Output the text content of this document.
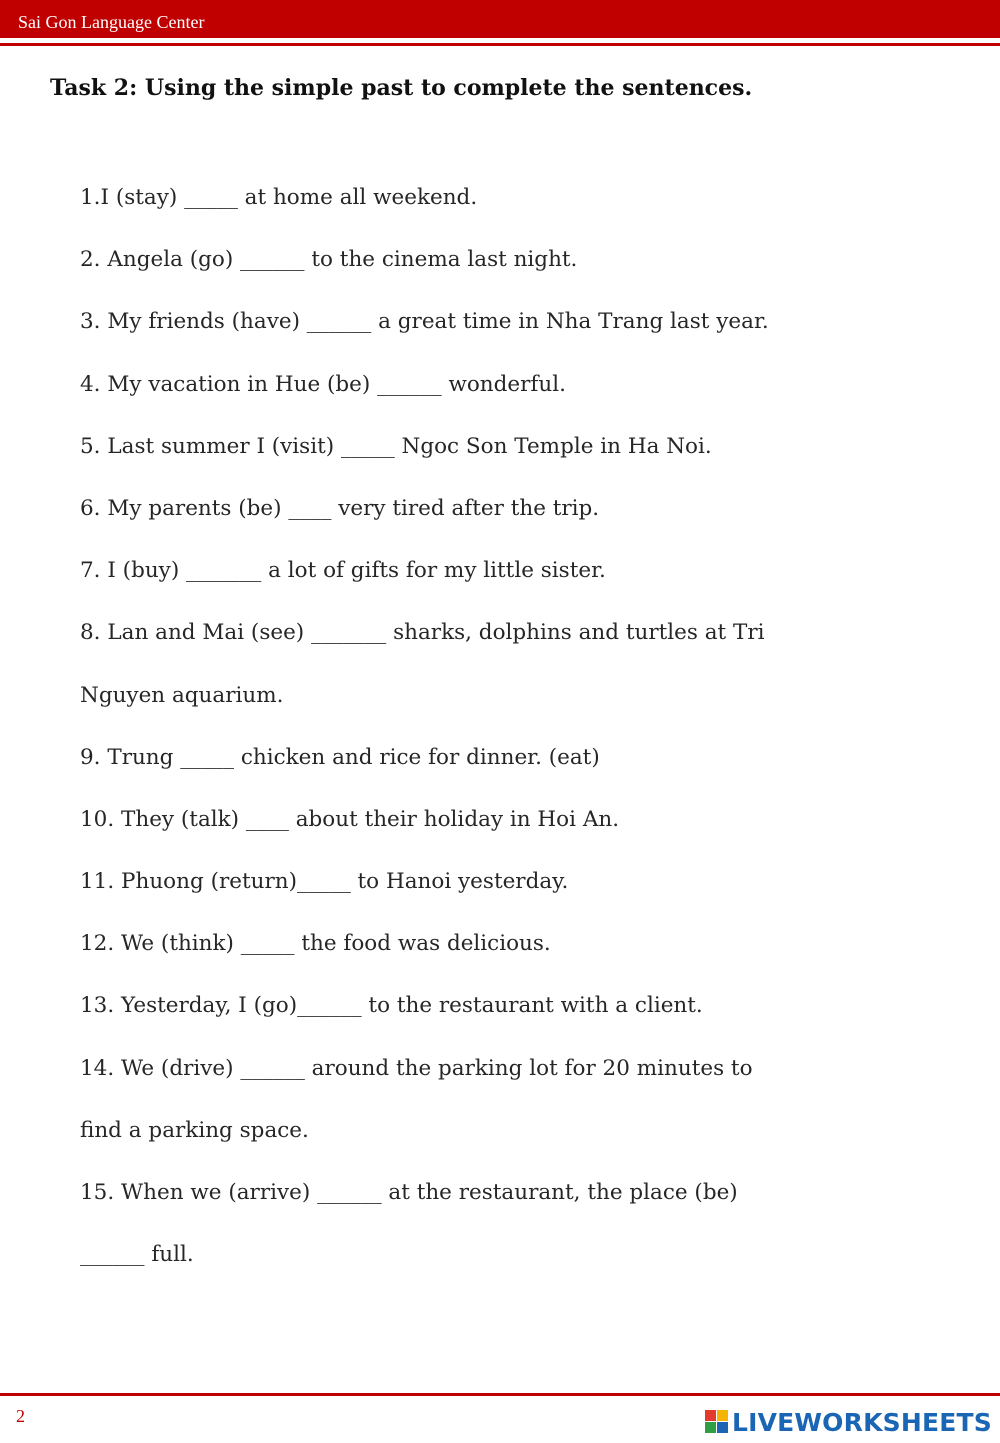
Sai Gon Language Center
Task 2: Using the simple past to complete the sentences.
1.I (stay) _____ at home all weekend.
2. Angela (go) ______ to the cinema last night.
3. My friends (have) ______ a great time in Nha Trang last year.
4. My vacation in Hue (be) ______ wonderful.
5. Last summer I (visit) _____ Ngoc Son Temple in Ha Noi.
6. My parents (be) ____ very tired after the trip.
7. I (buy) _______ a lot of gifts for my little sister.
8. Lan and Mai (see) _______ sharks, dolphins and turtles at Tri
Nguyen aquarium.
9. Trung _____ chicken and rice for dinner. (eat)
10. They (talk) ____ about their holiday in Hoi An.
11. Phuong (return)_____ to Hanoi yesterday.
12. We (think) _____ the food was delicious.
13. Yesterday, I (go)______ to the restaurant with a client.
14. We (drive) ______ around the parking lot for 20 minutes to
find a parking space.
15. When we (arrive) ______ at the restaurant, the place (be)
______ full.
2	LIVEWORKSHEETS
